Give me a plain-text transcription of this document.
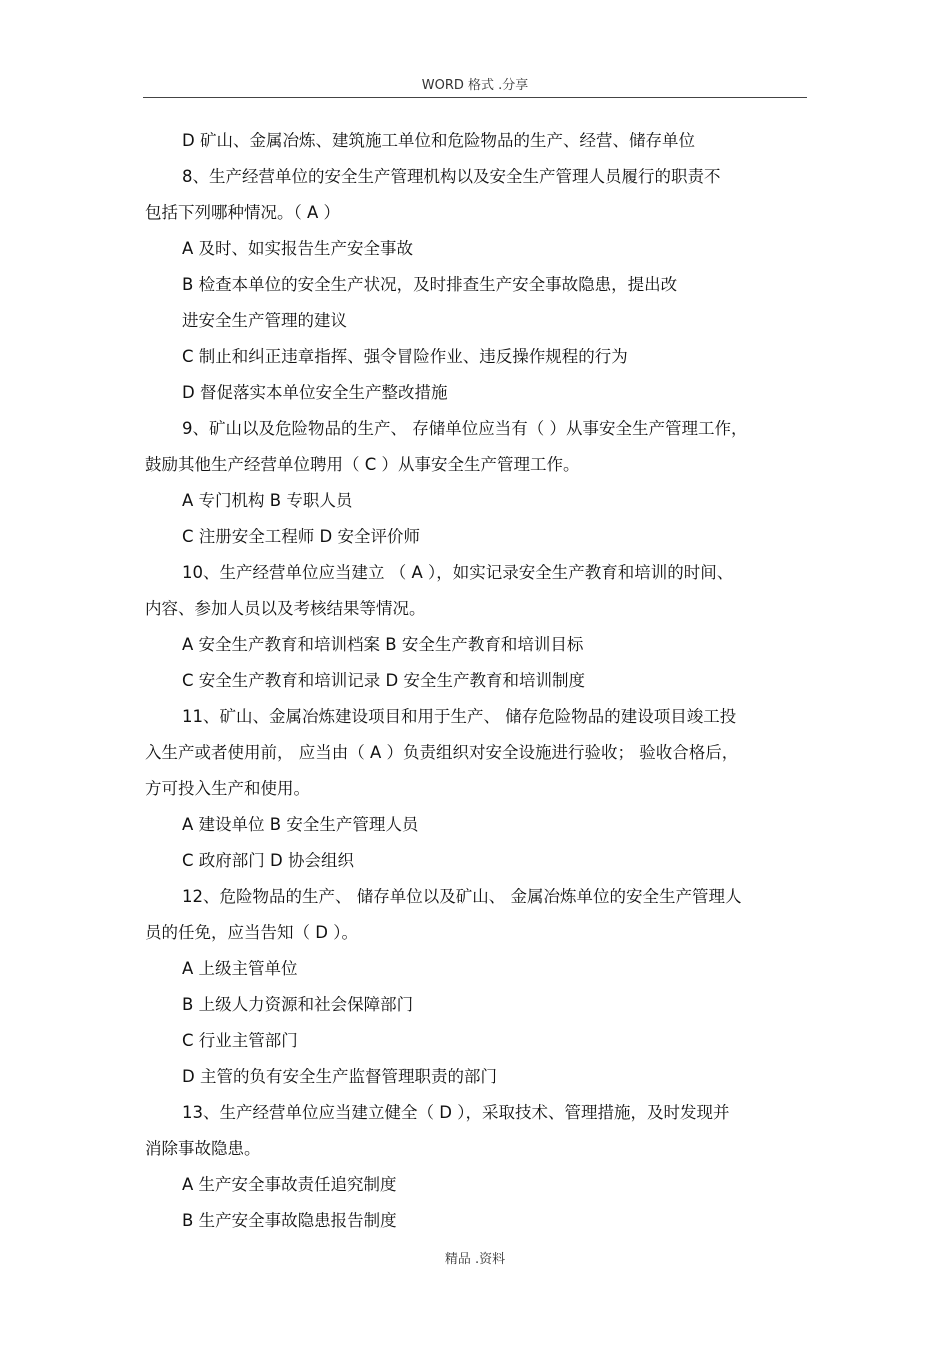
WORD 格式 .分享
D 矿山、金属冶炼、建筑施工单位和危险物品的生产、经营、储存单位
8、生产经营单位的安全生产管理机构以及安全生产管理人员履行的职责不
包括下列哪种情况。（ A ）
A 及时、如实报告生产安全事故
B 检查本单位的安全生产状况，及时排查生产安全事故隐患，提出改
进安全生产管理的建议
C 制止和纠正违章指挥、强令冒险作业、违反操作规程的行为
D 督促落实本单位安全生产整改措施
9、矿山以及危险物品的生产、 存储单位应当有（ ）从事安全生产管理工作，
鼓励其他生产经营单位聘用（ C ）从事安全生产管理工作。
A 专门机构 B 专职人员
C 注册安全工程师 D 安全评价师
10、生产经营单位应当建立 （ A ），如实记录安全生产教育和培训的时间、
内容、参加人员以及考核结果等情况。
A 安全生产教育和培训档案 B 安全生产教育和培训目标
C 安全生产教育和培训记录 D 安全生产教育和培训制度
11、矿山、金属冶炼建设项目和用于生产、 储存危险物品的建设项目竣工投
入生产或者使用前， 应当由（ A ）负责组织对安全设施进行验收； 验收合格后，
方可投入生产和使用。
A 建设单位 B 安全生产管理人员
C 政府部门 D 协会组织
12、危险物品的生产、 储存单位以及矿山、 金属冶炼单位的安全生产管理人
员的任免，应当告知（ D ）。
A 上级主管单位
B 上级人力资源和社会保障部门
C 行业主管部门
D 主管的负有安全生产监督管理职责的部门
13、生产经营单位应当建立健全（ D ），采取技术、管理措施，及时发现并
消除事故隐患。
A 生产安全事故责任追究制度
B 生产安全事故隐患报告制度
精品 .资料
